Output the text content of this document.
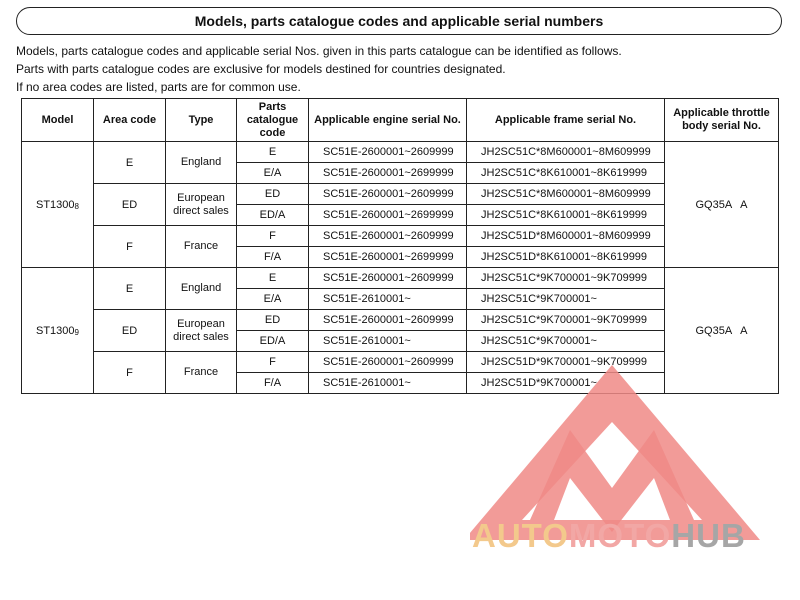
Models, parts catalogue codes and applicable serial numbers
Models, parts catalogue codes and applicable serial Nos. given in this parts catalogue can be identified as follows.
Parts with parts catalogue codes are exclusive for models destined for countries designated.
If no area codes are listed, parts are for common use.
Model	Area code	Type	Parts catalogue code	Applicable engine serial No.	Applicable frame serial No.	Applicable throttle body serial No.
ST13008	E	England	E	SC51E-2600001~2609999	JH2SC51C*8M600001~8M609999	GQ35A   A
			E/A	SC51E-2600001~2699999	JH2SC51C*8K610001~8K619999	
	ED	European direct sales	ED	SC51E-2600001~2609999	JH2SC51C*8M600001~8M609999	
			ED/A	SC51E-2600001~2699999	JH2SC51C*8K610001~8K619999	
	F	France	F	SC51E-2600001~2609999	JH2SC51D*8M600001~8M609999	
			F/A	SC51E-2600001~2699999	JH2SC51D*8K610001~8K619999	
ST13009	E	England	E	SC51E-2600001~2609999	JH2SC51C*9K700001~9K709999	GQ35A   A
			E/A	SC51E-2610001~	JH2SC51C*9K700001~	
	ED	European direct sales	ED	SC51E-2600001~2609999	JH2SC51C*9K700001~9K709999	
			ED/A	SC51E-2610001~	JH2SC51C*9K700001~	
	F	France	F	SC51E-2600001~2609999	JH2SC51D*9K700001~9K709999	
			F/A	SC51E-2610001~	JH2SC51D*9K700001~	
AUTOMOTOHUB
